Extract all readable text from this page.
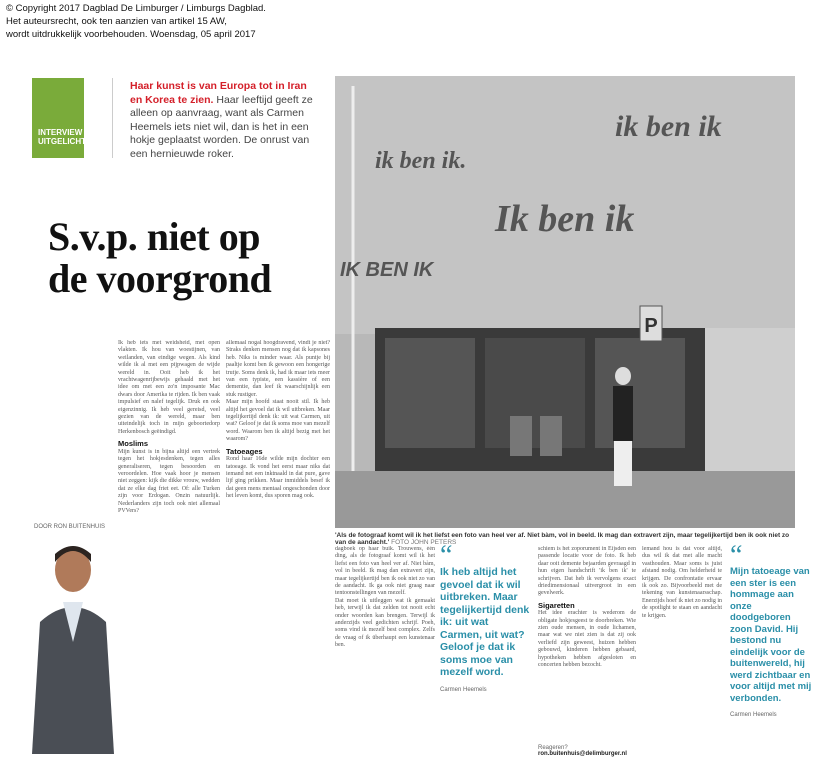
© Copyright 2017 Dagblad De Limburger / Limburgs Dagblad.
Het auteursrecht, ook ten aanzien van artikel 15 AW,
wordt uitdrukkelijk voorbehouden. Woensdag, 05 april 2017
INTERVIEW
UITGELICHT
Haar kunst is van Europa tot in Iran en Korea te zien. Haar leeftijd geeft ze alleen op aanvraag, want als Carmen Heemels iets niet wil, dan is het in een hokje geplaatst worden. De onrust van een hernieuwde roker.
S.v.p. niet op
de voorgrond
P
ik ben ik
ik ben ik.
Ik ben ik
IK BEN IK
'Als de fotograaf komt wil ik het liefst een foto van heel ver af. Niet bàm, vol in beeld. Ik mag dan extravert zijn, maar tegelijkertijd ben ik ook niet zo van de aandacht.' FOTO JOHN PETERS
Ik heb iets met weidsheid, met open vlakten. Ik hou van woestijnen, van weilanden, van eindige wegen. Als kind wilde ik al met een pijpwagen de wijde wereld in. Ooit heb ik het vrachtwagenrijbewijs gehaald met het idee om met een zo'n imposante Mac dwars door Amerika te rijden. Ik ben vaak impulsief en nalef tegelijk. Druk en ook eigenzinnig. Ik heb veel gereisd, veel gezien van de wereld, maar ben uiteindelijk toch in mijn geboortedorp Herkenbosch geëindigd.
Moslims
Mijn kunst is in bijna altijd een vertrek tegen het hokjesdenken, tegen alles generaliseren, tegen besoorden en veroordelen. Hoe vaak hoor je mensen niet zeggen: kijk die dikke vrouw, wedden dat ze elke dag friet eet. Of: alle Turken zijn voor Erdogan. Onzin natuurlijk. Nederlanders zijn toch ook niet allemaal PVVers?
DOOR RON BUITENHUIS
allemaal nogal hoogdravend, vindt je niet? Straks denken mensen nog dat ik kapsones heb. Niks is minder waar. Als puntje bij paaltje komt ben ik gewoon een hongerige trutje. Soms denk ik, had ik maar iets meer van een typiste, een kassière of een dementie, dan leef ik waarschijnlijk een stuk rustiger.
Maar mijn hoofd staat nooit stil. Ik heb altijd het gevoel dat ik wil uitbreken. Maar tegelijkertijd denk ik: uit wat Carmen, uit wat? Geloof je dat ik soms moe van mezelf word. Waarom ben ik altijd bezig met het waarom?
Tatoeages
Rond haar 16de wilde mijn dochter een tatoeage. Ik vond het eerst maar niks dat iemand net een inktnaald in dat pure, gave lijf ging prikken. Maar inmiddels besef ik dat geen mens mentaal ongeschonden door het leven komt, dus sporen mag ook.
dagboek op haar buik. Trouwens, één ding, als de fotograaf komt wil ik het liefst een foto van heel ver af. Niet bàm, vol in beeld. Ik mag dan extravert zijn, maar tegelijkertijd ben ik ook niet zo van de aandacht. Ik ga ook niet graag naar tentoonstellingen van mezelf.
Dat moet ik uitleggen wat ik gemaakt heb, terwijl ik dat zelden tot nooit echt onder woorden kan brengen. Terwijl ik anderzijds veel gedichten schrijf. Poeh, soms vind ik mezelf best complex. Zelfs de vraag of ik überhaupt een kunstenaar ben.
“
Ik heb altijd het gevoel dat ik wil uitbreken. Maar tegelijkertijd denk ik: uit wat Carmen, uit wat? Geloof je dat ik soms moe van mezelf word.
Carmen Heemels
schiem is het zoporument in Eijsden een passende locatie voor de foto. Ik heb daar ooit demente bejaarden gevraagd in hun eigen handschrift 'ik ben ik' te schrijven. Dat heb ik vervolgens exact driedimensionaal uitvergroot in een gevelwerk.
Sigaretten
Het idee erachter is wederom de obligate hokjesgeest te doorbreken. Wie zien oude mensen, in oude lichamen, maar wat we niet zien is dat zij ook verliefd zijn geweest, huizen hebben gebouwd, kinderen hebben gebaard, hypotheken hebben afgesloten en concerten hebben bezocht.
Reageren?
ron.buitenhuis@delimburger.nl
lemand hou is dat voor altijd, dus wil ik dat met alle macht vasthouden. Maar soms is juist afstand nodig. Om helderheid te krijgen. De confrontatie ervaar ik ook zo. Bijvoorbeeld met de tekening van kunstenaarsschap. Enerzijds hoef ik niet zo nodig in de spotlight te staan en aandacht te krijgen.
“
Mijn tatoeage van een ster is een hommage aan onze doodgeboren zoon David. Hij bestond nu eindelijk voor de buitenwereld, hij werd zichtbaar en voor altijd met mij verbonden.
Carmen Heemels
